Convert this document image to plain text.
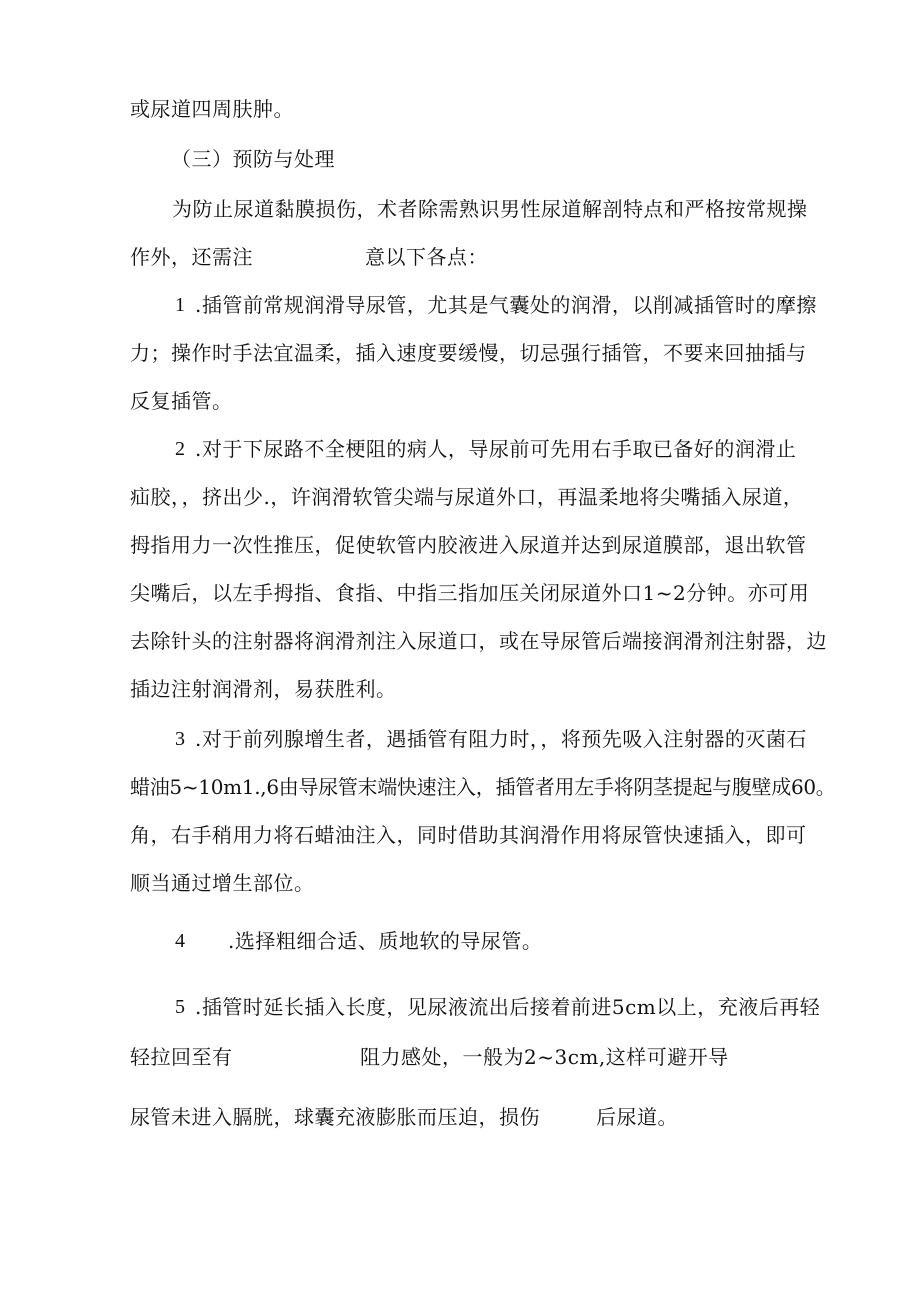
或尿道四周肤肿。
（三）预防与处理
为防止尿道黏膜损伤，术者除需熟识男性尿道解剖特点和严格按常规操
作外，还需注	意以下各点：
1 .插管前常规润滑导尿管，尤其是气囊处的润滑，以削减插管时的摩擦
力；操作时手法宜温柔，插入速度要缓慢，切忌强行插管，不要来回抽插与
反复插管。
2 .对于下尿路不全梗阻的病人，导尿前可先用右手取已备好的润滑止
疝胶，，挤出少.，许润滑软管尖端与尿道外口，再温柔地将尖嘴插入尿道，
拇指用力一次性推压，促使软管内胶液进入尿道并达到尿道膜部，退出软管
尖嘴后，以左手拇指、食指、中指三指加压关闭尿道外口1~2分钟。亦可用
去除针头的注射器将润滑剂注入尿道口，或在导尿管后端接润滑剂注射器，边
插边注射润滑剂，易获胜利。
3 .对于前列腺增生者，遇插管有阻力时，，将预先吸入注射器的灭菌石
蜡油5~10m1.,6由导尿管末端快速注入，插管者用左手将阴茎提起与腹壁成60。
角，右手稍用力将石蜡油注入，同时借助其润滑作用将尿管快速插入，即可
顺当通过增生部位。
4 .选择粗细合适、质地软的导尿管。
5 .插管时延长插入长度，见尿液流出后接着前进5cm以上，充液后再轻
轻拉回至有	阻力感处，一般为2~3cm,这样可避开导
尿管未进入膈胱，球囊充液膨胀而压迫，损伤	后尿道。
